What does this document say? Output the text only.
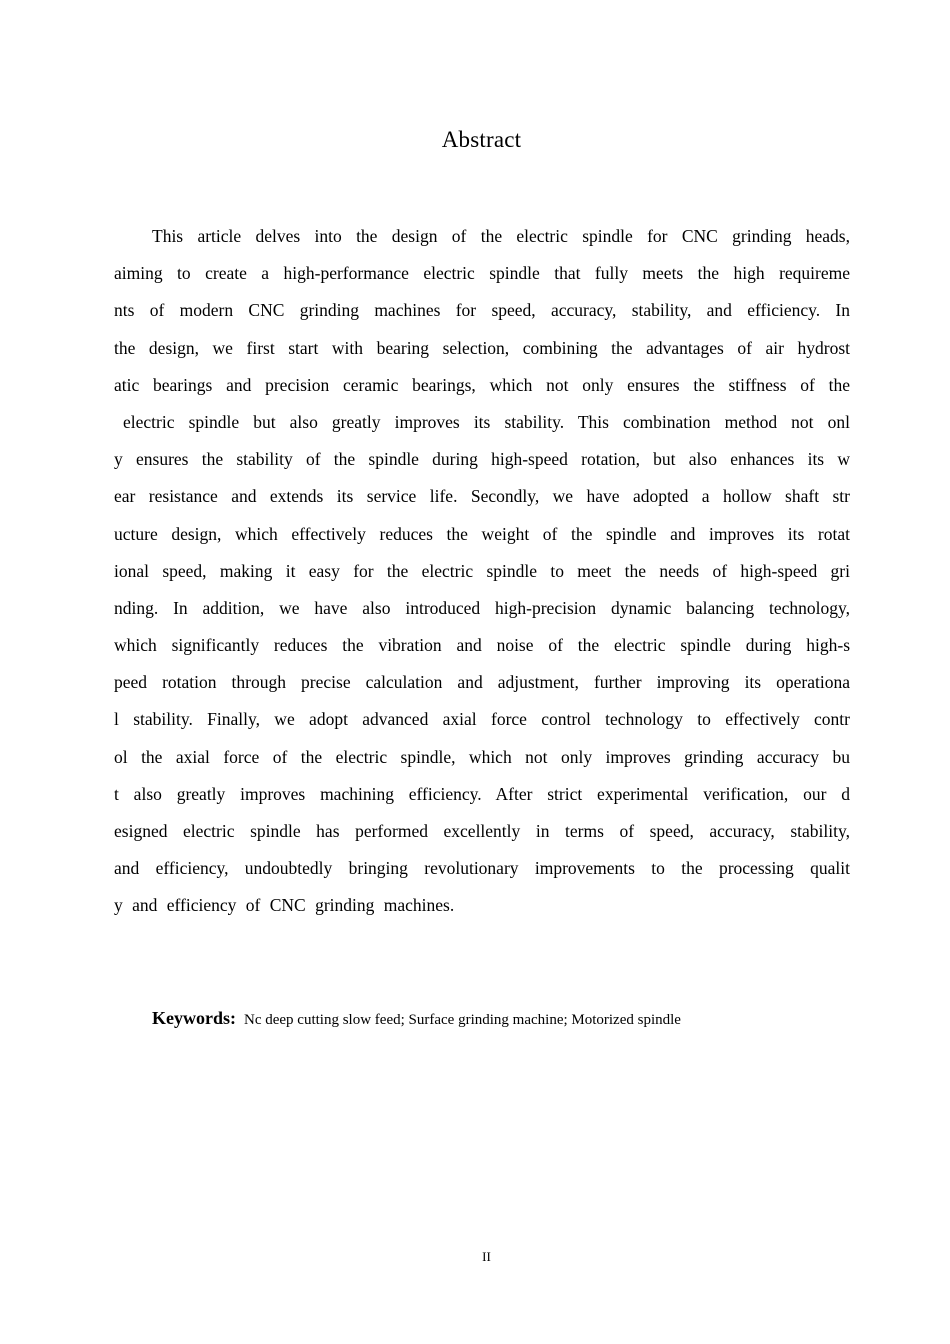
Abstract
This article delves into the design of the electric spindle for CNC grinding heads,
aiming to create a high-performance electric spindle that fully meets the high requireme
nts of modern CNC grinding machines for speed, accuracy, stability, and efficiency. In
the design, we first start with bearing selection, combining the advantages of air hydrost
atic bearings and precision ceramic bearings, which not only ensures the stiffness of the
electric spindle but also greatly improves its stability. This combination method not onl
y ensures the stability of the spindle during high-speed rotation, but also enhances its w
ear resistance and extends its service life. Secondly, we have adopted a hollow shaft str
ucture design, which effectively reduces the weight of the spindle and improves its rotat
ional speed, making it easy for the electric spindle to meet the needs of high-speed gri
nding. In addition, we have also introduced high-precision dynamic balancing technology,
which significantly reduces the vibration and noise of the electric spindle during high-s
peed rotation through precise calculation and adjustment, further improving its operationa
l stability. Finally, we adopt advanced axial force control technology to effectively contr
ol the axial force of the electric spindle, which not only improves grinding accuracy bu
t also greatly improves machining efficiency. After strict experimental verification, our d
esigned electric spindle has performed excellently in terms of speed, accuracy, stability,
and efficiency, undoubtedly bringing revolutionary improvements to the processing qualit
y and efficiency of CNC grinding machines.
Keywords: Nc deep cutting slow feed; Surface grinding machine; Motorized spindle
II
